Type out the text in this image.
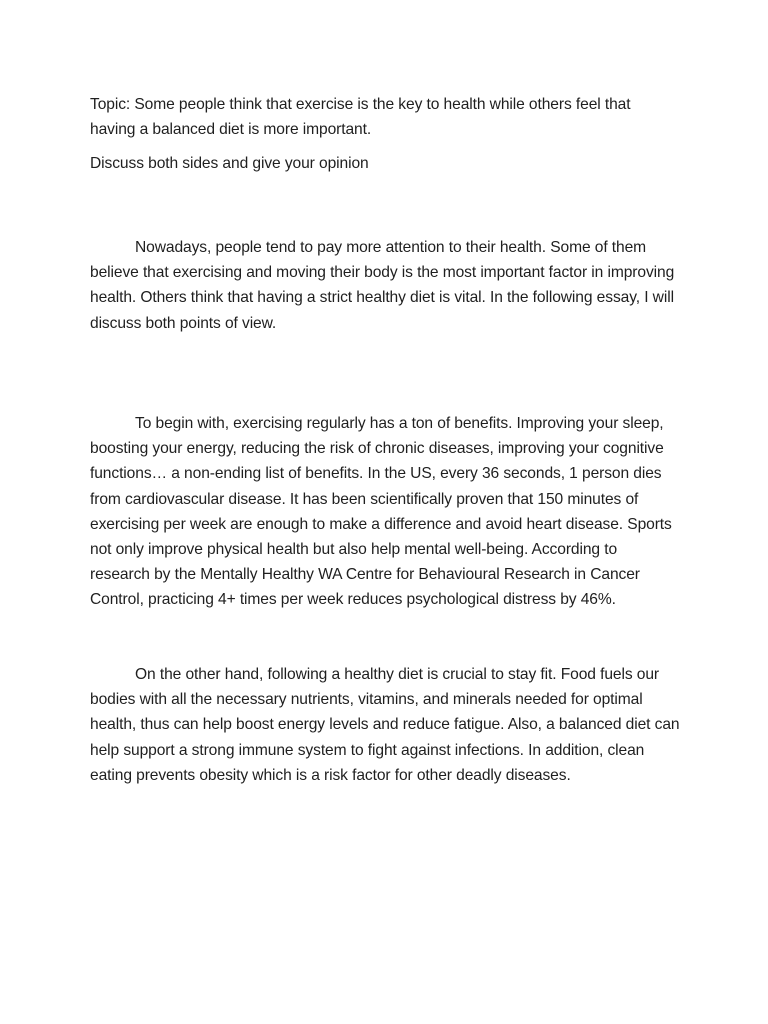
Topic: Some people think that exercise is the key to health while others feel that having a balanced diet is more important.

Discuss both sides and give your opinion

Nowadays, people tend to pay more attention to their health. Some of them believe that exercising and moving their body is the most important factor in improving health. Others think that having a strict healthy diet is vital. In the following essay, I will discuss both points of view.

To begin with, exercising regularly has a ton of benefits. Improving your sleep, boosting your energy, reducing the risk of chronic diseases, improving your cognitive functions… a non-ending list of benefits. In the US, every 36 seconds, 1 person dies from cardiovascular disease. It has been scientifically proven that 150 minutes of exercising per week are enough to make a difference and avoid heart disease. Sports not only improve physical health but also help mental well-being. According to research by the Mentally Healthy WA Centre for Behavioural Research in Cancer Control, practicing 4+ times per week reduces psychological distress by 46%.

On the other hand, following a healthy diet is crucial to stay fit. Food fuels our bodies with all the necessary nutrients, vitamins, and minerals needed for optimal health, thus can help boost energy levels and reduce fatigue. Also, a balanced diet can help support a strong immune system to fight against infections. In addition, clean eating prevents obesity which is a risk factor for other deadly diseases.
